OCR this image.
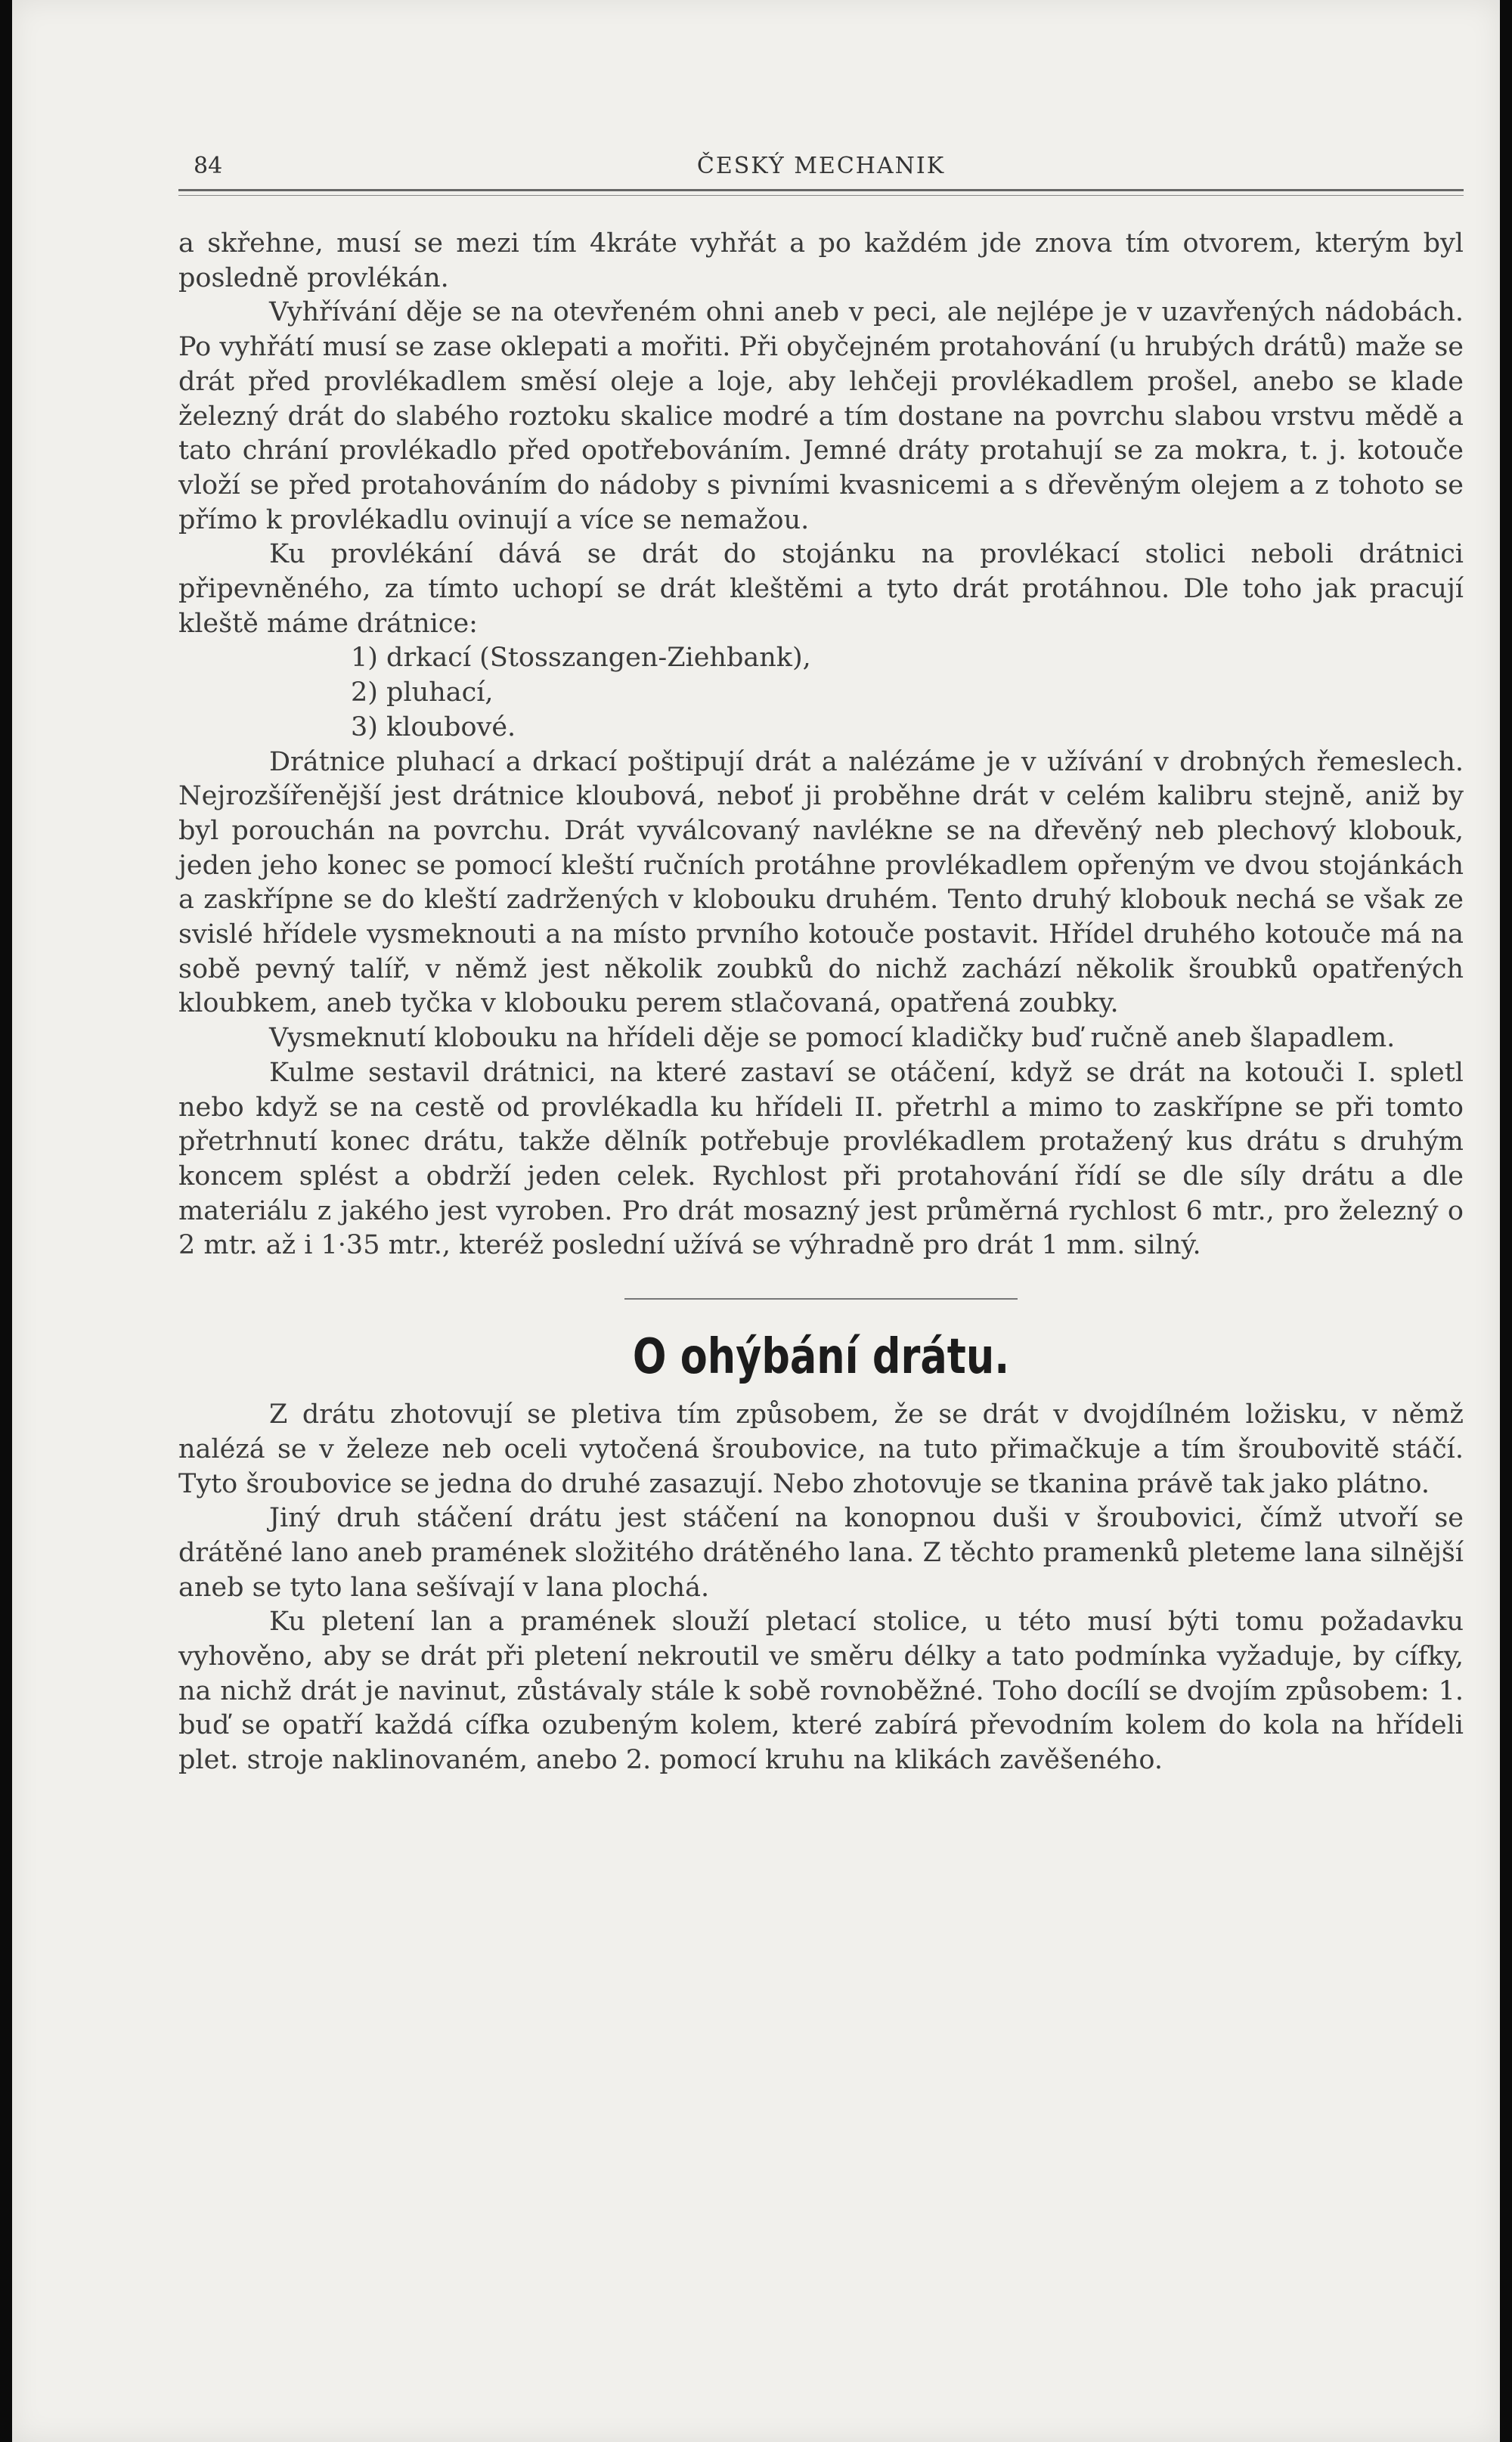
84	ČESKÝ MECHANIK

a skřehne, musí se mezi tím 4kráte vyhřát a po každém jde znova tím otvorem, kterým byl posledně provlékán.

Vyhřívání děje se na otevřeném ohni aneb v peci, ale nejlépe je v uzavřených nádobách. Po vyhřátí musí se zase oklepati a mořiti. Při obyčejném protahování (u hrubých drátů) maže se drát před provlékadlem směsí oleje a loje, aby lehčeji provlékadlem prošel, anebo se klade železný drát do slabého roztoku skalice modré a tím dostane na povrchu slabou vrstvu mědě a tato chrání provlékadlo před opotřebováním. Jemné dráty protahují se za mokra, t. j. kotouče vloží se před protahováním do nádoby s pivními kvasnicemi a s dřevěným olejem a z tohoto se přímo k provlékadlu ovinují a více se nemažou.

Ku provlékání dává se drát do stojánku na provlékací stolici neboli drátnici připevněného, za tímto uchopí se drát kleštěmi a tyto drát protáhnou. Dle toho jak pracují kleště máme drátnice:

1) drkací (Stosszangen-Ziehbank),
2) pluhací,
3) kloubové.

Drátnice pluhací a drkací poštipují drát a nalézáme je v užívání v drobných řemeslech. Nejrozšířenější jest drátnice kloubová, neboť ji proběhne drát v celém kalibru stejně, aniž by byl porouchán na povrchu. Drát vyválcovaný navlékne se na dřevěný neb plechový klobouk, jeden jeho konec se pomocí kleští ručních protáhne provlékadlem opřeným ve dvou stojánkách a zaskřípne se do kleští zadržených v klobouku druhém. Tento druhý klobouk nechá se však ze svislé hřídele vysmeknouti a na místo prvního kotouče postavit. Hřídel druhého kotouče má na sobě pevný talíř, v němž jest několik zoubků do nichž zachází několik šroubků opatřených kloubkem, aneb tyčka v klobouku perem stlačovaná, opatřená zoubky.

Vysmeknutí klobouku na hřídeli děje se pomocí kladičky buď ručně aneb šlapadlem.

Kulme sestavil drátnici, na které zastaví se otáčení, když se drát na kotouči I. spletl nebo když se na cestě od provlékadla ku hřídeli II. přetrhl a mimo to zaskřípne se při tomto přetrhnutí konec drátu, takže dělník potřebuje provlékadlem protažený kus drátu s druhým koncem splést a obdrží jeden celek. Rychlost při protahování řídí se dle síly drátu a dle materiálu z jakého jest vyroben. Pro drát mosazný jest průměrná rychlost 6 mtr., pro železný o 2 mtr. až i 1·35 mtr., kteréž poslední užívá se výhradně pro drát 1 mm. silný.

O ohýbání drátu.

Z drátu zhotovují se pletiva tím způsobem, že se drát v dvojdílném ložisku, v němž nalézá se v železe neb oceli vytočená šroubovice, na tuto přimačkuje a tím šroubovitě stáčí. Tyto šroubovice se jedna do druhé zasazují. Nebo zhotovuje se tkanina právě tak jako plátno.

Jiný druh stáčení drátu jest stáčení na konopnou duši v šroubovici, čímž utvoří se drátěné lano aneb pramének složitého drátěného lana. Z těchto pramenků pleteme lana silnější aneb se tyto lana sešívají v lana plochá.

Ku pletení lan a pramének slouží pletací stolice, u této musí býti tomu požadavku vyhověno, aby se drát při pletení nekroutil ve směru délky a tato podmínka vyžaduje, by cífky, na nichž drát je navinut, zůstávaly stále k sobě rovnoběžné. Toho docílí se dvojím způsobem: 1. buď se opatří každá cífka ozubeným kolem, které zabírá převodním kolem do kola na hřídeli plet. stroje naklinovaném, anebo 2. pomocí kruhu na klikách zavěšeného.
